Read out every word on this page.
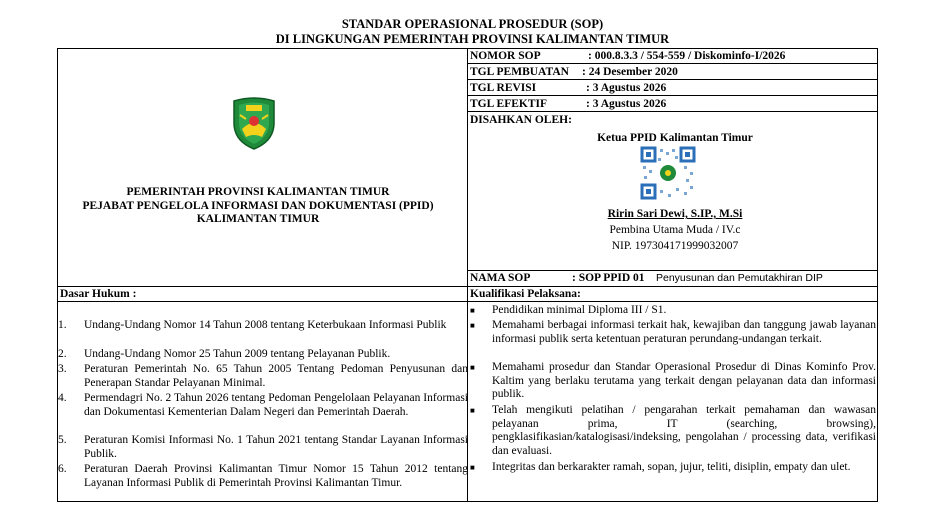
STANDAR OPERASIONAL PROSEDUR (SOP)
DI LINGKUNGAN PEMERINTAH PROVINSI KALIMANTAN TIMUR
PEMERINTAH PROVINSI KALIMANTAN TIMUR
PEJABAT PENGELOLA INFORMASI DAN DOKUMENTASI (PPID)
KALIMANTAN TIMUR
NOMOR SOP	: 000.8.3.3 / 554-559 / Diskominfo-I/2026
TGL PEMBUATAN : 24 Desember 2020
TGL REVISI	: 3 Agustus 2026
TGL EFEKTIF	: 3 Agustus 2026
DISAHKAN OLEH:
Ketua PPID Kalimantan Timur
Ririn Sari Dewi, S.IP., M.Si
Pembina Utama Muda / IV.c
NIP. 197304171999032007
NAMA SOP	: SOP PPID 01 Penyusunan dan Pemutakhiran DIP
Dasar Hukum :	Kualifikasi Pelaksana:
1. Undang-Undang Nomor 14 Tahun 2008 tentang Keterbukaan Informasi Publik
2. Undang-Undang Nomor 25 Tahun 2009 tentang Pelayanan Publik.
3. Peraturan Pemerintah No. 65 Tahun 2005 Tentang Pedoman Penyusunan dan Penerapan Standar Pelayanan Minimal.
4. Permendagri No. 2 Tahun 2026 tentang Pedoman Pengelolaan Pelayanan Informasi dan Dokumentasi Kementerian Dalam Negeri dan Pemerintah Daerah.
5. Peraturan Komisi Informasi No. 1 Tahun 2021 tentang Standar Layanan Informasi Publik.
6. Peraturan Daerah Provinsi Kalimantan Timur Nomor 15 Tahun 2012 tentang Layanan Informasi Publik di Pemerintah Provinsi Kalimantan Timur.
■ Pendidikan minimal Diploma III / S1.
■ Memahami berbagai informasi terkait hak, kewajiban dan tanggung jawab layanan informasi publik serta ketentuan peraturan perundang-undangan terkait.
■ Memahami prosedur dan Standar Operasional Prosedur di Dinas Kominfo Prov. Kaltim yang berlaku terutama yang terkait dengan pelayanan data dan informasi publik.
■ Telah mengikuti pelatihan / pengarahan terkait pemahaman dan wawasan pelayanan prima, IT (searching, browsing), pengklasifikasian/katalogisasi/indeksing, pengolahan / processing data, verifikasi dan evaluasi.
■ Integritas dan berkarakter ramah, sopan, jujur, teliti, disiplin, empaty dan ulet.
